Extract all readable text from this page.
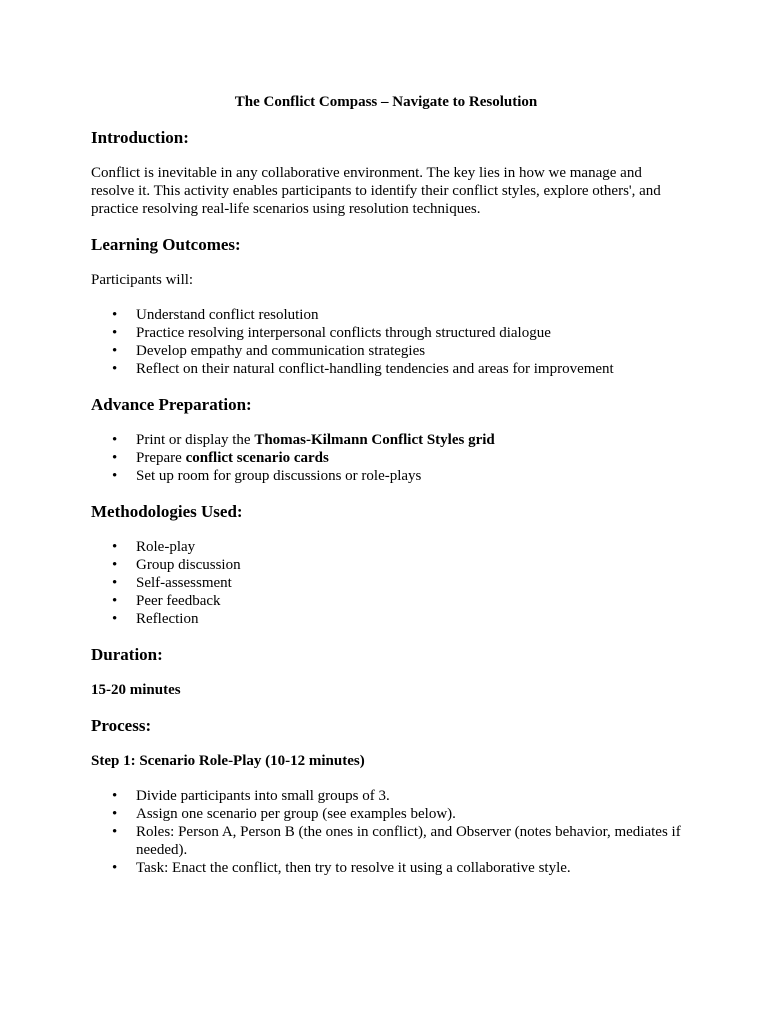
The Conflict Compass – Navigate to Resolution
Introduction:

Conflict is inevitable in any collaborative environment. The key lies in how we manage and resolve it. This activity enables participants to identify their conflict styles, explore others', and practice resolving real-life scenarios using resolution techniques.

Learning Outcomes:

Participants will:

• Understand conflict resolution
• Practice resolving interpersonal conflicts through structured dialogue
• Develop empathy and communication strategies
• Reflect on their natural conflict-handling tendencies and areas for improvement
Advance Preparation:
• Print or display the Thomas-Kilmann Conflict Styles grid
• Prepare conflict scenario cards
• Set up room for group discussions or role-plays
Methodologies Used:
• Role-play
• Group discussion
• Self-assessment
• Peer feedback
• Reflection
Duration:

15-20 minutes

Process:

Step 1: Scenario Role-Play (10-12 minutes)

• Divide participants into small groups of 3.
• Assign one scenario per group (see examples below).
• Roles: Person A, Person B (the ones in conflict), and Observer (notes behavior, mediates if needed).
• Task: Enact the conflict, then try to resolve it using a collaborative style.
